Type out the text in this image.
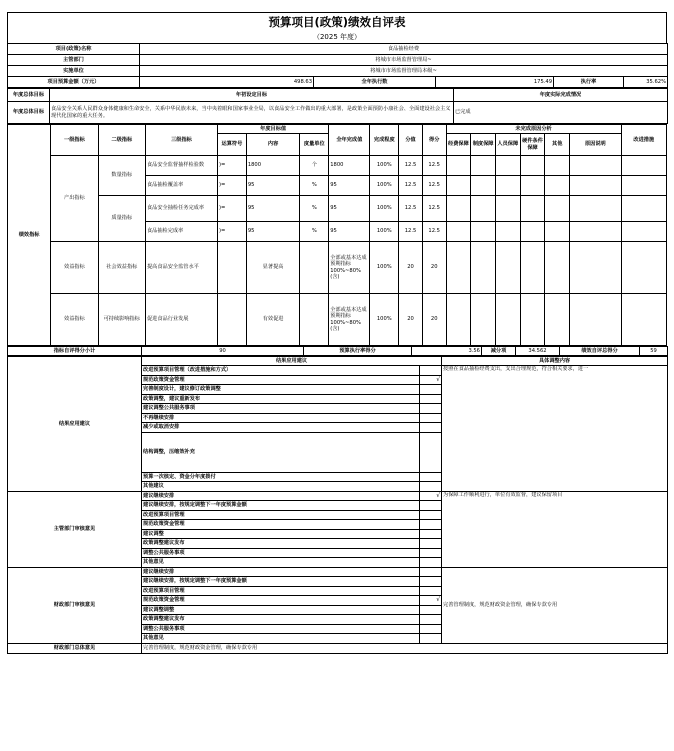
预算项目(政策)绩效自评表
（2025 年度）
项目(政策)名称	食品抽检经费				
主管部门	将城市市场监督管理局~				
实施单位	将城市市场监督管理局本级~				
项目预算金额（万元）	498.63	全年执行数	175.49	执行率	35.62%
年度总体目标	年初设定目标	年度实际完成情况
年度总体目标	食品安全关系人民群众身体健康和生命安全，关系中华民族未来，当中央着眼和国家事业全局，以食品安全工作做出的重大部署，是政策全面预防小康社会、全面建设社会主义现代化国家的重大任务。	已完成
绩效指标	一级指标	二级指标	三级指标	年度目标值			全年完成值	完成程度	分值	得分	未完成原因分析						改进措施
				运算符号	内容	度量单位					经费保障	制度保障	人员保障	硬件条件保障	其他	原因说明	
	产出指标	数量指标	食品安全监督抽样检验数	)=	1800	个	1800	100%	12.5	12.5							
			食品抽检覆盖率	)=	95	%	95	100%	12.5	12.5							
		质量指标	食品安全抽检任务完成率	)=	95	%	95	100%	12.5	12.5							
			食品抽检完成率	)=	95	%	95	100%	12.5	12.5							
	效益指标	社会效益指标	提高食品安全监管水平		显著提高		全部或基本达成预期指标100%~80%(含)	100%	20	20							
	效益指标	可持续影响指标	促进食品行业发展		有效促进		全部或基本达成预期指标100%~80%(含)	100%	20	20							
指标自评得分小计	90	预算执行率得分	3.56	减分项	34.562	绩效自评总得分	59
结果应用建议	结果应用建议		具体调整内容
	改进预算项目管理（改进措施和方式）		按照在食品抽检经费支出，支出合理规范，符合相关要求，进一
	规范政策资金管理	√	
	完善制度设计，建议修订政策调整		
	政策调整，建议重新发布		
	建议调整公共服务事项		
	不再继续安排		
	减少或取消安排		
	结构调整，压缩效补充		
	预算一次核定、资金分年度拨付		
	其他建议		
主管部门审核意见	建议继续安排	√	为保障工作顺利进行，单位有效监督，建议保留项目
	建议继续安排，按规定调整下一年度预算金额		
	改进预算项目管理		
	规范政策资金管理		
	建议调整		
	政策调整建议发布		
	调整公共服务事项		
	其他意见		
财政部门审核意见	建议继续安排		完善管理制度，规范财政资金管理，确保专款专用
	建议继续安排，按规定调整下一年度预算金额		
	改进预算项目管理		
	规范政策资金管理	√	
	建议调整调整		
	政策调整建议发布		
	调整公共服务事项		
	其他意见		
财政部门总体意见	完善管理制度，规范财政资金管理，确保专款专用		
